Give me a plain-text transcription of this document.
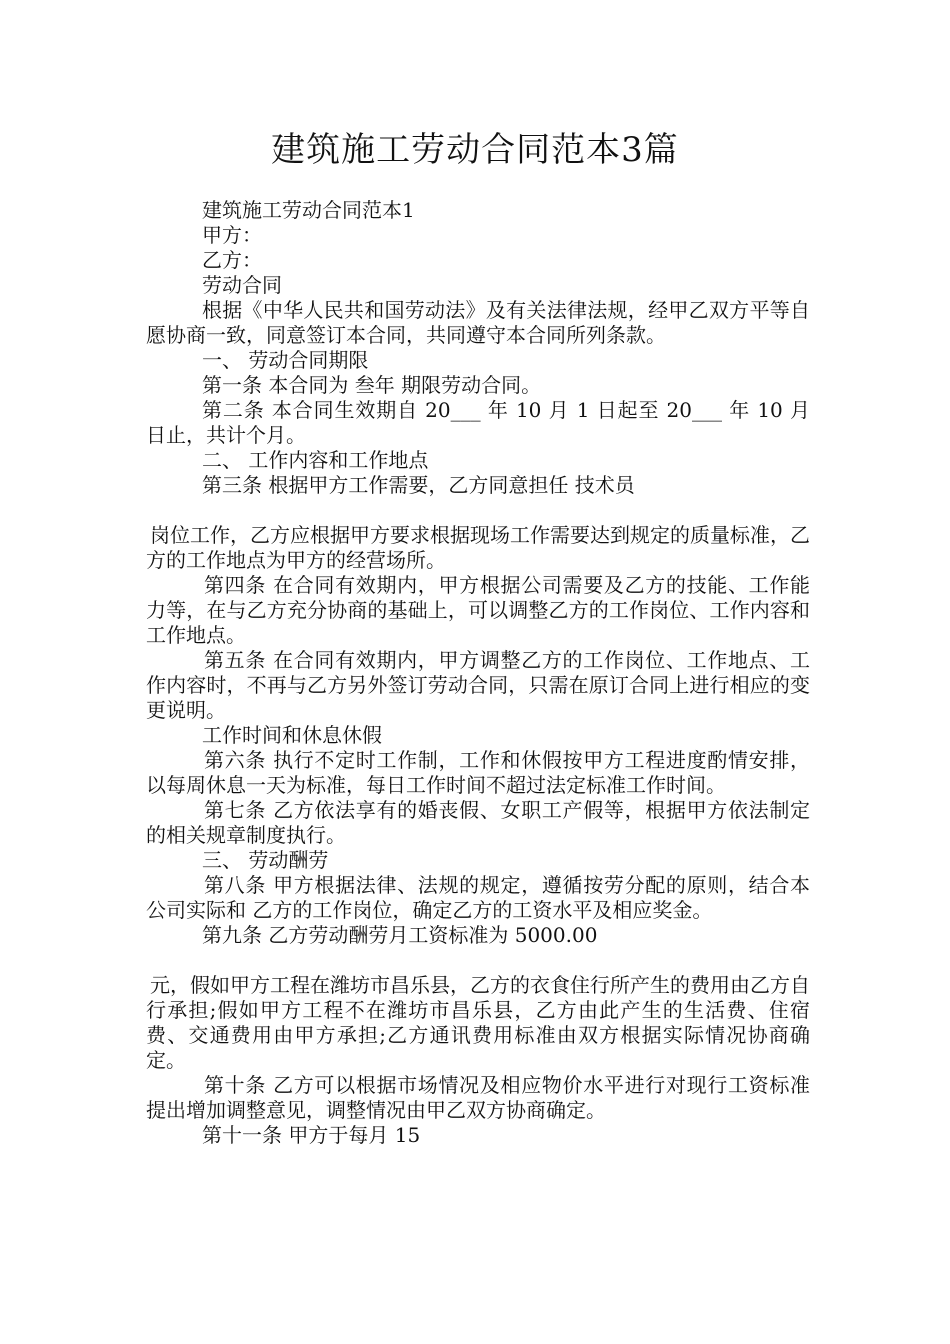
建筑施工劳动合同范本3篇

建筑施工劳动合同范本1

甲方：

乙方：

劳动合同

根据《中华人民共和国劳动法》及有关法律法规，经甲乙双方平等自愿协商一致，同意签订本合同，共同遵守本合同所列条款。

一、 劳动合同期限

第一条 本合同为 叁年 期限劳动合同。

第二条 本合同生效期自 20___ 年 10 月 1 日起至 20___ 年 10 月 日止，共计个月。

二、 工作内容和工作地点

第三条 根据甲方工作需要，乙方同意担任 技术员

岗位工作，乙方应根据甲方要求根据现场工作需要达到规定的质量标准，乙方的工作地点为甲方的经营场所。

第四条 在合同有效期内，甲方根据公司需要及乙方的技能、工作能力等，在与乙方充分协商的基础上，可以调整乙方的工作岗位、工作内容和工作地点。

第五条 在合同有效期内，甲方调整乙方的工作岗位、工作地点、工作内容时，不再与乙方另外签订劳动合同，只需在原订合同上进行相应的变更说明。

工作时间和休息休假

第六条 执行不定时工作制，工作和休假按甲方工程进度酌情安排，以每周休息一天为标准，每日工作时间不超过法定标准工作时间。

第七条 乙方依法享有的婚丧假、女职工产假等，根据甲方依法制定的相关规章制度执行。

三、 劳动酬劳

第八条 甲方根据法律、法规的规定，遵循按劳分配的原则，结合本公司实际和 乙方的工作岗位，确定乙方的工资水平及相应奖金。

第九条 乙方劳动酬劳月工资标准为 5000.00

元，假如甲方工程在潍坊市昌乐县，乙方的衣食住行所产生的费用由乙方自行承担;假如甲方工程不在潍坊市昌乐县，乙方由此产生的生活费、住宿费、交通费用由甲方承担;乙方通讯费用标准由双方根据实际情况协商确定。

第十条 乙方可以根据市场情况及相应物价水平进行对现行工资标准提出增加调整意见，调整情况由甲乙双方协商确定。

第十一条 甲方于每月 15
